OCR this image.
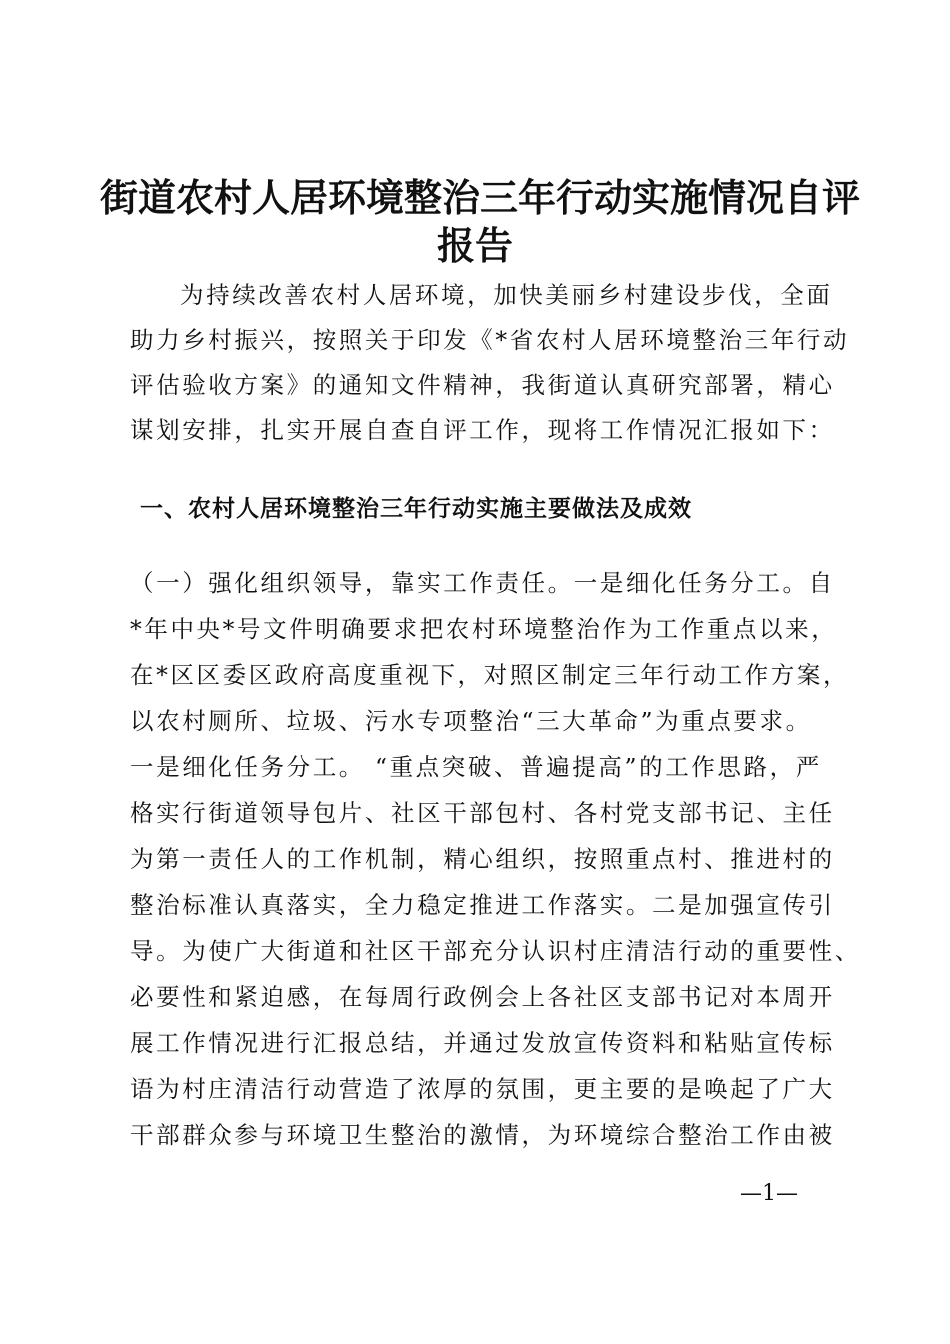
街道农村人居环境整治三年行动实施情况自评
报告

为持续改善农村人居环境，加快美丽乡村建设步伐，全面

助力乡村振兴，按照关于印发《*省农村人居环境整治三年行动

评估验收方案》的通知文件精神，我街道认真研究部署，精心

谋划安排，扎实开展自查自评工作，现将工作情况汇报如下：

一、农村人居环境整治三年行动实施主要做法及成效

（一）强化组织领导，靠实工作责任。一是细化任务分工。自

*年中央*号文件明确要求把农村环境整治作为工作重点以来，

在*区区委区政府高度重视下，对照区制定三年行动工作方案，

以农村厕所、垃圾、污水专项整治“三大革命”为重点要求。

一是细化任务分工。 “重点突破、普遍提高”的工作思路，严

格实行街道领导包片、社区干部包村、各村党支部书记、主任

为第一责任人的工作机制，精心组织，按照重点村、推进村的

整治标准认真落实，全力稳定推进工作落实。二是加强宣传引

导。为使广大街道和社区干部充分认识村庄清洁行动的重要性、

必要性和紧迫感，在每周行政例会上各社区支部书记对本周开

展工作情况进行汇报总结，并通过发放宣传资料和粘贴宣传标

语为村庄清洁行动营造了浓厚的氛围，更主要的是唤起了广大

干部群众参与环境卫生整治的激情，为环境综合整治工作由被

—1—
